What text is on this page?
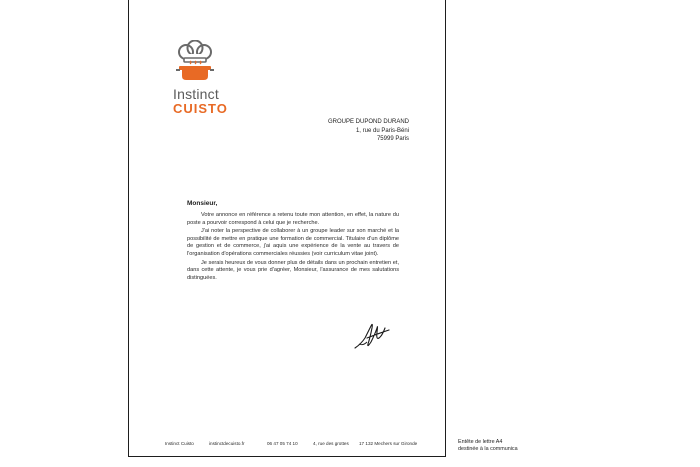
Instinct
CUISTO
GROUPE DUPOND DURAND
1, rue du Paris-Béni
75999 Paris
Monsieur,

Votre annonce en référence a retenu toute mon attention, en effet, la nature du poste a pourvoir correspond à celui que je recherche.

J'ai noter la perspective de collaborer à un groupe leader sur son marché et la possibilité de mettre en pratique une formation de commercial. Titulaire d'un diplôme de gestion et de commerce, j'ai aquis une expérience de la vente au travers de l'organisation d'opérations commerciales réussies (voir curriculum vitae joint).

Je serais heureux de vous donner plus de détails dans un prochain entretien et, dans cette attente, je vous prie d'agréer, Monsieur, l'assurance de mes salutations distinguées.

Instinct Cuisto	instinctdecuisto.fr	06 47 05 74 10	4, rue des grottes 17 132 Mechers sur Gironde	Entête de lettre A4
destinée à la communica
